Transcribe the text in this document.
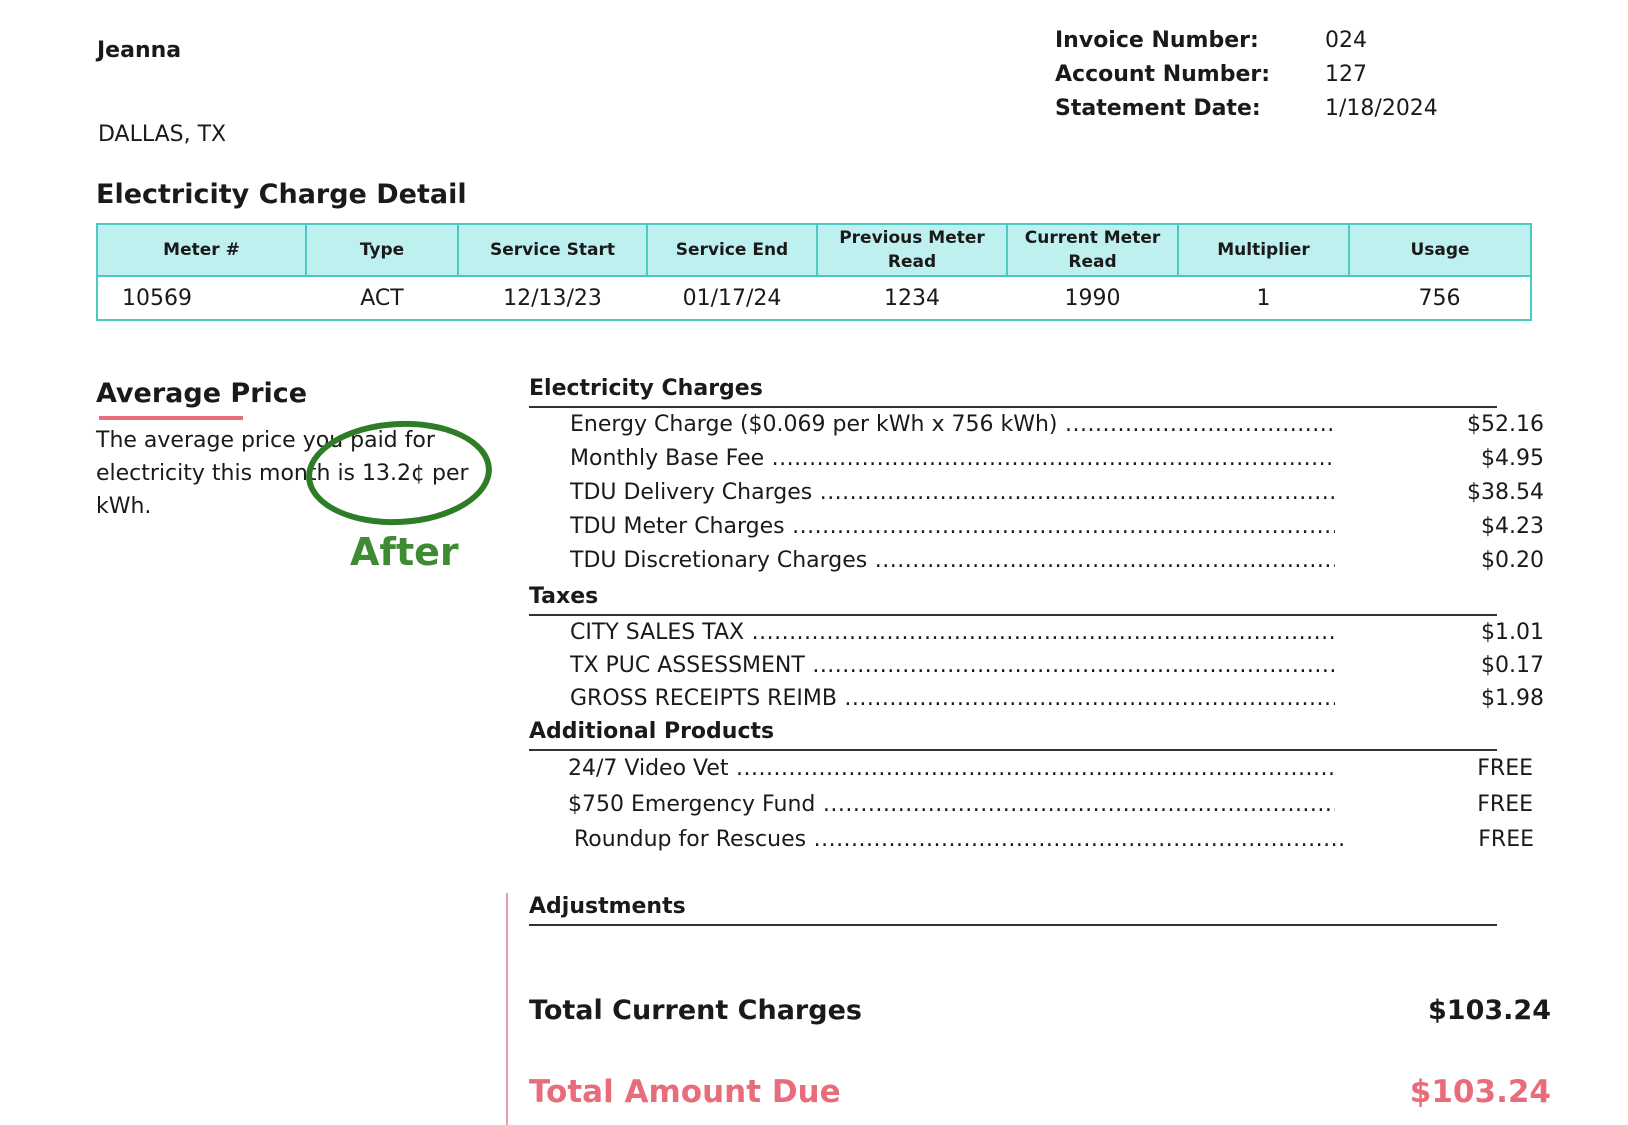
Jeanna
DALLAS, TX
Invoice Number:	024
Account Number: 127
Statement Date:	1/18/2024
Electricity Charge Detail
Meter #	Type	Service Start	Service End	Previous Meter Read	Current Meter Read	Multiplier	Usage
10569	ACT	12/13/23	01/17/24	1234	1990	1	756
Average Price
The average price you paid for electricity this month is 13.2¢ per kWh.
After
Electricity Charges
Energy Charge ($0.069 per kWh x 756 kWh) .....	$52.16
Monthly Base Fee .....	$4.95
TDU Delivery Charges .....	$38.54
TDU Meter Charges .....	$4.23
TDU Discretionary Charges .....	$0.20
Taxes
CITY SALES TAX .....	$1.01
TX PUC ASSESSMENT .....	$0.17
GROSS RECEIPTS REIMB .....	$1.98
Additional Products
24/7 Video Vet .....	FREE
$750 Emergency Fund .....	FREE
Roundup for Rescues .....	FREE
Adjustments
Total Current Charges	$103.24
Total Amount Due	$103.24
